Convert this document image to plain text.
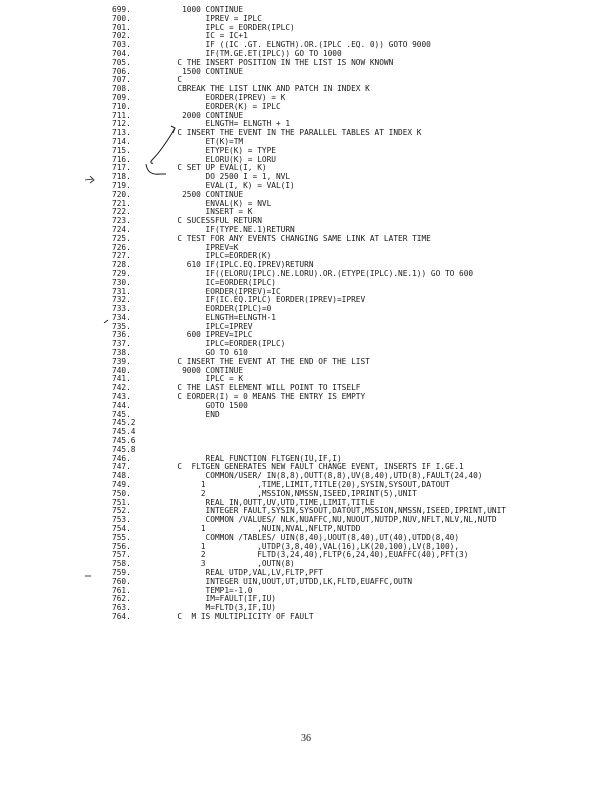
699.	1000 CONTINUE
700.	IPREV = IPLC
701.	IPLC = EORDER(IPLC)
702.	IC = IC+1
703.	IF ((IC .GT. ELNGTH).OR.(IPLC .EQ. 0)) GOTO 9000
704.	IF(TM.GE.ET(IPLC)) GO TO 1000
705.	C THE INSERT POSITION IN THE LIST IS NOW KNOWN
706.	1500 CONTINUE
707.	C
708.	CBREAK THE LIST LINK AND PATCH IN INDEX K
709.	EORDER(IPREV) = K
710.	EORDER(K) = IPLC
711.	2000 CONTINUE
712.	ELNGTH= ELNGTH + 1
713.	C INSERT THE EVENT IN THE PARALLEL TABLES AT INDEX K
714.	ET(K)=TM
715.	ETYPE(K) = TYPE
716.	ELORU(K) = LORU
717.	C SET UP EVAL(I, K)
718.	DO 2500 I = 1, NVL
719.	EVAL(I, K) = VAL(I)
720.	2500 CONTINUE
721.	ENVAL(K) = NVL
722.	INSERT = K
723.	C SUCESSFUL RETURN
724.	IF(TYPE.NE.1)RETURN
725.	C TEST FOR ANY EVENTS CHANGING SAME LINK AT LATER TIME
726.	IPREV=K
727.	IPLC=EORDER(K)
728.	610 IF(IPLC.EQ.IPREV)RETURN
729.	IF((ELORU(IPLC).NE.LORU).OR.(ETYPE(IPLC).NE.1)) GO TO 600
730.	IC=EORDER(IPLC)
731.	EORDER(IPREV)=IC
732.	IF(IC.EQ.IPLC) EORDER(IPREV)=IPREV
733.	EORDER(IPLC)=0
734.	ELNGTH=ELNGTH-1
735.	IPLC=IPREV
736.	600 IPREV=IPLC
737.	IPLC=EORDER(IPLC)
738.	GO TO 610
739.	C INSERT THE EVENT AT THE END OF THE LIST
740.	9000 CONTINUE
741.	IPLC = K
742.	C THE LAST ELEMENT WILL POINT TO ITSELF
743.	C EORDER(I) = 0 MEANS THE ENTRY IS EMPTY
744.	GOTO 1500
745.	END
745.2
745.4
745.6
745.8
746.	REAL FUNCTION FLTGEN(IU,IF,I)
747.	C  FLTGEN GENERATES NEW FAULT CHANGE EVENT, INSERTS IF I.GE.1
748.	COMMON/USER/ IN(8,8),OUTT(8,8),UV(8,40),UTD(8),FAULT(24,40)
749.	1           ,TIME,LIMIT,TITLE(20),SYSIN,SYSOUT,DATOUT
750.	2           ,MSSION,NMSSN,ISEED,IPRINT(5),UNIT
751.	REAL IN,OUTT,UV,UTD,TIME,LIMIT,TITLE
752.	INTEGER FAULT,SYSIN,SYSOUT,DATOUT,MSSION,NMSSN,ISEED,IPRINT,UNIT
753.	COMMON /VALUES/ NLK,NUAFFC,NU,NUOUT,NUTDP,NUV,NFLT,NLV,NL,NUTD
754.	1           ,NUIN,NVAL,NFLTP,NUTDD
755.	COMMON /TABLES/ UIN(8,40),UOUT(8,40),UT(40),UTDD(8,40)
756.	1           ,UTDP(3,8,40),VAL(16),LK(20,100),LV(8,100),
757.	2           FLTD(3,24,40),FLTP(6,24,40),EUAFFC(40),PFT(3)
758.	3           ,OUTN(8)
759.	REAL UTDP,VAL,LV,FLTP,PFT
760.	INTEGER UIN,UOUT,UT,UTDD,LK,FLTD,EUAFFC,OUTN
761.	TEMP1=-1.0
762.	IM=FAULT(IF,IU)
763.	M=FLTD(3,IF,IU)
764.	C  M IS MULTIPLICITY OF FAULT
36
